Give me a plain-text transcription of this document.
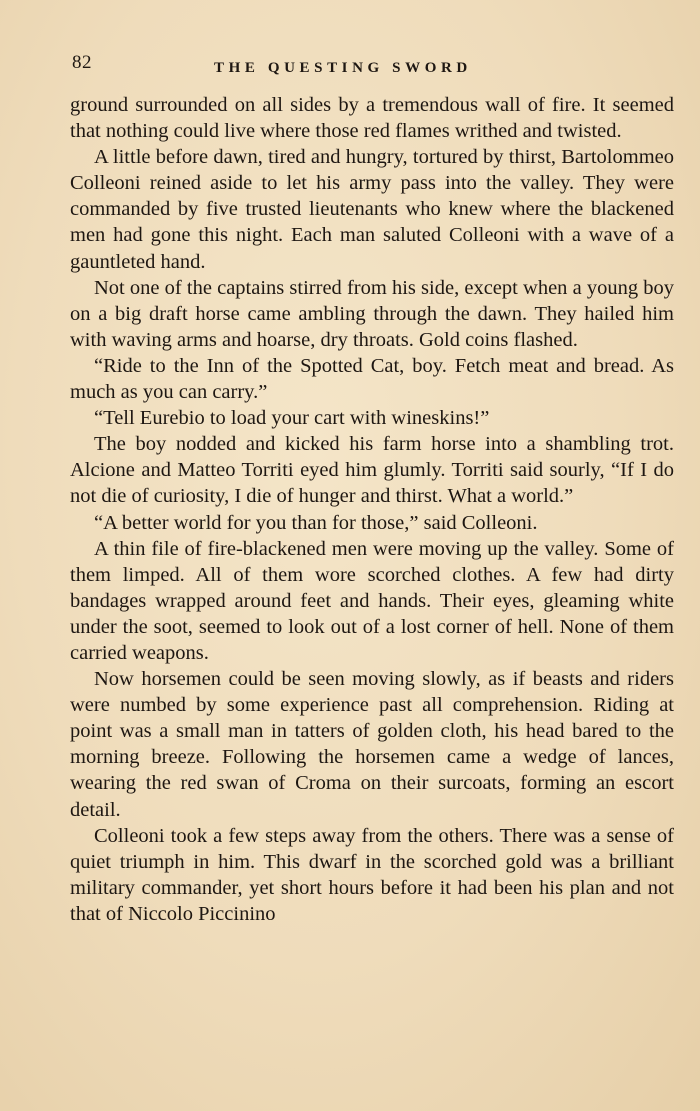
82	THE QUESTING SWORD

ground surrounded on all sides by a tremendous wall of fire. It seemed that nothing could live where those red flames writhed and twisted.

A little before dawn, tired and hungry, tortured by thirst, Bartolommeo Colleoni reined aside to let his army pass into the valley. They were commanded by five trusted lieutenants who knew where the blackened men had gone this night. Each man saluted Colleoni with a wave of a gauntleted hand.

Not one of the captains stirred from his side, except when a young boy on a big draft horse came ambling through the dawn. They hailed him with waving arms and hoarse, dry throats. Gold coins flashed.

“Ride to the Inn of the Spotted Cat, boy. Fetch meat and bread. As much as you can carry.”

“Tell Eurebio to load your cart with wineskins!”

The boy nodded and kicked his farm horse into a shambling trot. Alcione and Matteo Torriti eyed him glumly. Torriti said sourly, “If I do not die of curiosity, I die of hunger and thirst. What a world.”

“A better world for you than for those,” said Colleoni.

A thin file of fire-blackened men were moving up the valley. Some of them limped. All of them wore scorched clothes. A few had dirty bandages wrapped around feet and hands. Their eyes, gleaming white under the soot, seemed to look out of a lost corner of hell. None of them carried weapons.

Now horsemen could be seen moving slowly, as if beasts and riders were numbed by some experience past all comprehension. Riding at point was a small man in tatters of golden cloth, his head bared to the morning breeze. Following the horsemen came a wedge of lances, wearing the red swan of Croma on their surcoats, forming an escort detail.

Colleoni took a few steps away from the others. There was a sense of quiet triumph in him. This dwarf in the scorched gold was a brilliant military commander, yet short hours before it had been his plan and not that of Niccolo Piccinino
